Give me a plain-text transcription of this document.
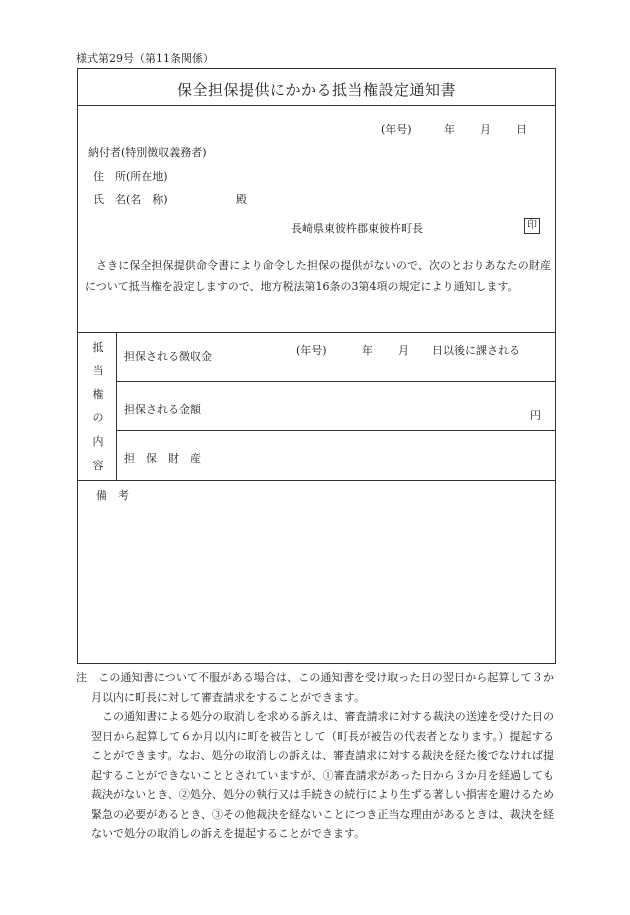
様式第29号（第11条関係）
保全担保提供にかかる抵当権設定通知書
(年号)	年 月 日
納付者(特別徴収義務者)
住　所(所在地)
氏　名(名　称)	殿
長崎県東彼杵郡東彼杵町長	印
さきに保全担保提供命令書により命令した担保の提供がないので、次のとおりあなたの財産について抵当権を設定しますので、地方税法第16条の3第4項の規定により通知します。
抵
当
権
の
内
容
担保される徴収金	(年号)	年 月 日以後に課される
担保される金額	円
担　保　財　産
備　考

注　 この通知書について不服がある場合は、この通知書を受け取った日の翌日から起算して３か月以内に町長に対して審査請求をすることができます。

この通知書による処分の取消しを求める訴えは、審査請求に対する裁決の送達を受けた日の翌日から起算して６か月以内に町を被告として（町長が被告の代表者となります。）提起することができます。なお、処分の取消しの訴えは、審査請求に対する裁決を経た後でなければ提起することができないこととされていますが、①審査請求があった日から３か月を経過しても裁決がないとき、②処分、処分の執行又は手続きの続行により生ずる著しい損害を避けるため緊急の必要があるとき、③その他裁決を経ないことにつき正当な理由があるときは、裁決を経ないで処分の取消しの訴えを提起することができます。
